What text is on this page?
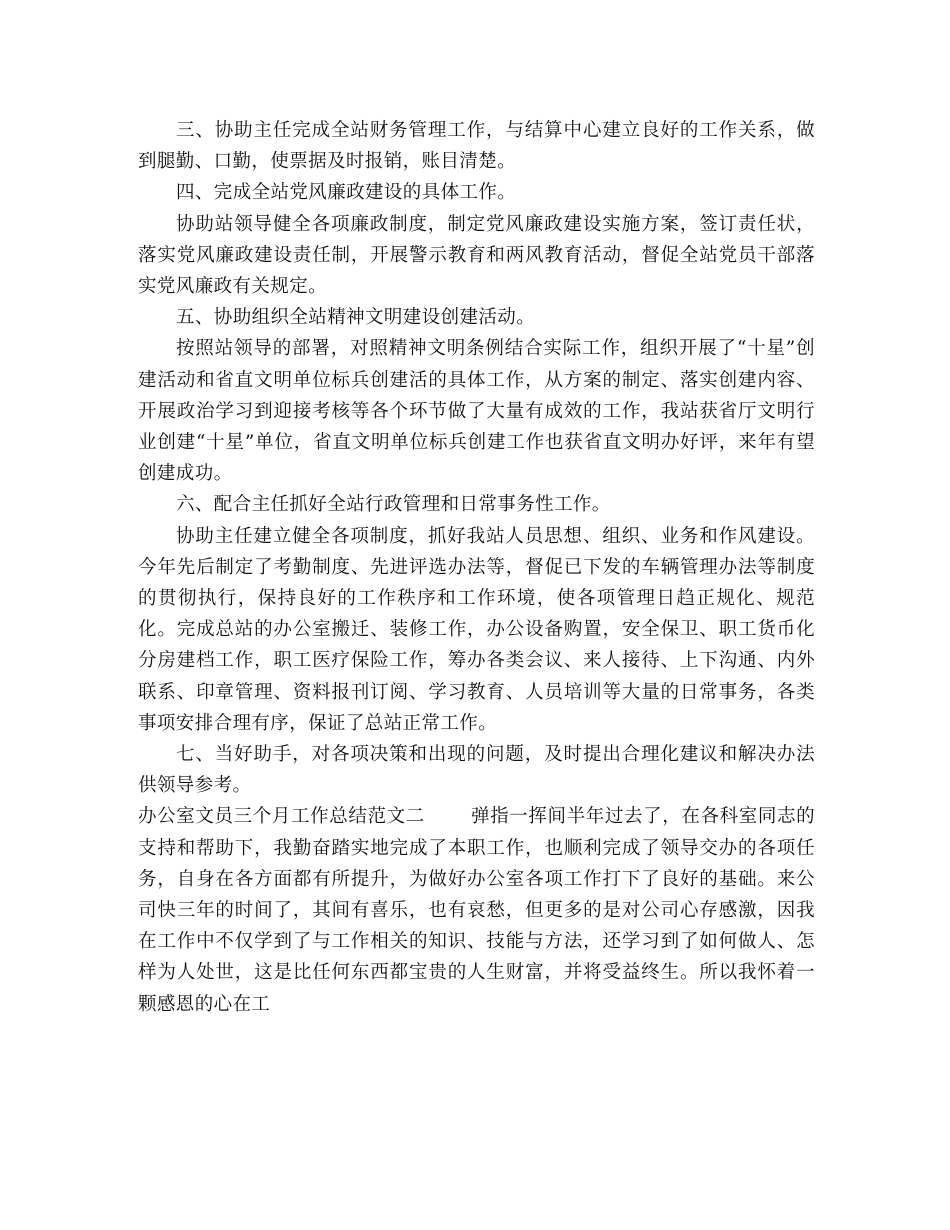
三、协助主任完成全站财务管理工作，与结算中心建立良好的工作关系，做到腿勤、口勤，使票据及时报销，账目清楚。

四、完成全站党风廉政建设的具体工作。

协助站领导健全各项廉政制度，制定党风廉政建设实施方案，签订责任状，落实党风廉政建设责任制，开展警示教育和两风教育活动，督促全站党员干部落实党风廉政有关规定。

五、协助组织全站精神文明建设创建活动。

按照站领导的部署，对照精神文明条例结合实际工作，组织开展了“十星”创建活动和省直文明单位标兵创建活的具体工作，从方案的制定、落实创建内容、开展政治学习到迎接考核等各个环节做了大量有成效的工作，我站获省厅文明行业创建“十星”单位，省直文明单位标兵创建工作也获省直文明办好评，来年有望创建成功。

六、配合主任抓好全站行政管理和日常事务性工作。

协助主任建立健全各项制度，抓好我站人员思想、组织、业务和作风建设。今年先后制定了考勤制度、先进评选办法等，督促已下发的车辆管理办法等制度的贯彻执行，保持良好的工作秩序和工作环境，使各项管理日趋正规化、规范化。完成总站的办公室搬迁、装修工作，办公设备购置，安全保卫、职工货币化分房建档工作，职工医疗保险工作，筹办各类会议、来人接待、上下沟通、内外联系、印章管理、资料报刊订阅、学习教育、人员培训等大量的日常事务，各类事项安排合理有序，保证了总站正常工作。

七、当好助手，对各项决策和出现的问题，及时提出合理化建议和解决办法供领导参考。

办公室文员三个月工作总结范文二 弹指一挥间半年过去了，在各科室同志的支持和帮助下，我勤奋踏实地完成了本职工作，也顺利完成了领导交办的各项任务，自身在各方面都有所提升，为做好办公室各项工作打下了良好的基础。来公司快三年的时间了，其间有喜乐，也有哀愁，但更多的是对公司心存感激，因我在工作中不仅学到了与工作相关的知识、技能与方法，还学习到了如何做人、怎样为人处世，这是比任何东西都宝贵的人生财富，并将受益终生。所以我怀着一颗感恩的心在工
